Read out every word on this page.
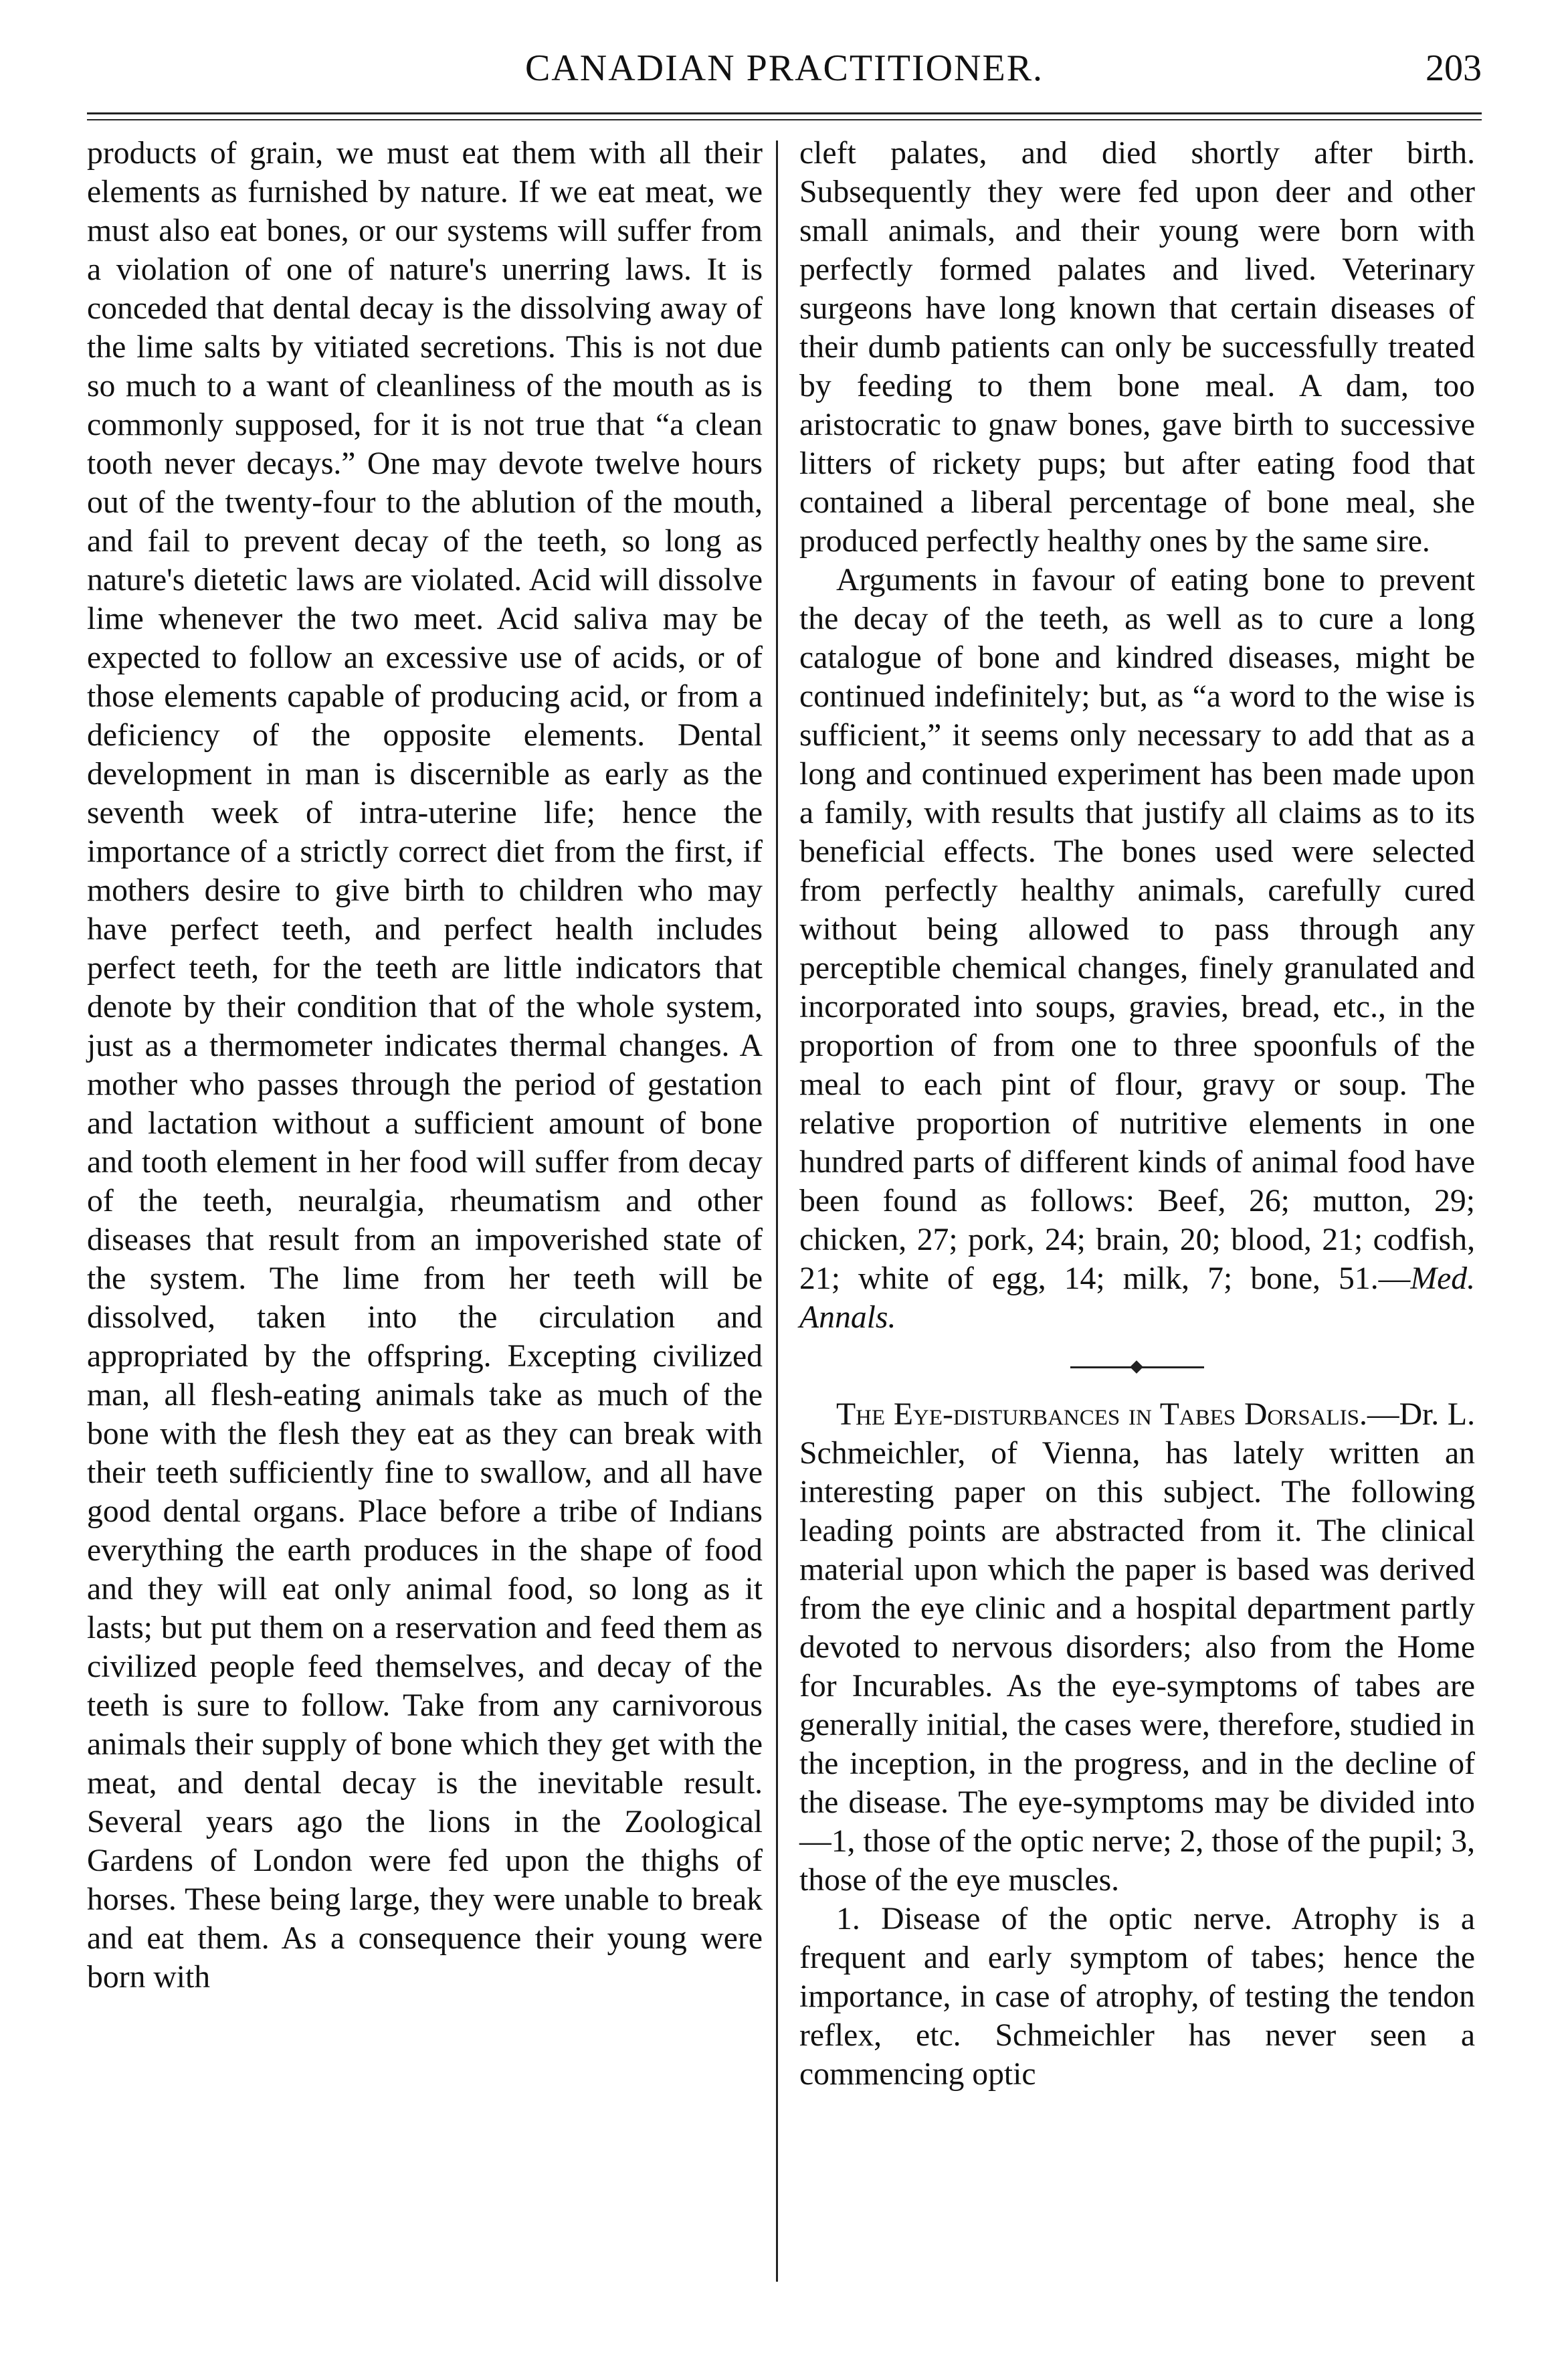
CANADIAN PRACTITIONER.	203

products of grain, we must eat them with all their elements as furnished by nature. If we eat meat, we must also eat bones, or our systems will suffer from a violation of one of nature's unerring laws. It is conceded that dental decay is the dissolving away of the lime salts by vitiated secretions. This is not due so much to a want of cleanliness of the mouth as is commonly supposed, for it is not true that “a clean tooth never decays.” One may devote twelve hours out of the twenty-four to the ablution of the mouth, and fail to prevent decay of the teeth, so long as nature's dietetic laws are violated. Acid will dissolve lime whenever the two meet. Acid saliva may be expected to follow an excessive use of acids, or of those elements capable of producing acid, or from a deficiency of the opposite elements. Dental development in man is discernible as early as the seventh week of intra-uterine life; hence the importance of a strictly correct diet from the first, if mothers desire to give birth to children who may have perfect teeth, and perfect health includes perfect teeth, for the teeth are little indicators that denote by their condition that of the whole system, just as a thermometer indicates thermal changes. A mother who passes through the period of gestation and lactation without a sufficient amount of bone and tooth element in her food will suffer from decay of the teeth, neuralgia, rheumatism and other diseases that result from an impoverished state of the system. The lime from her teeth will be dissolved, taken into the circulation and appropriated by the offspring. Excepting civilized man, all flesh-eating animals take as much of the bone with the flesh they eat as they can break with their teeth sufficiently fine to swallow, and all have good dental organs. Place before a tribe of Indians everything the earth produces in the shape of food and they will eat only animal food, so long as it lasts; but put them on a reservation and feed them as civilized people feed themselves, and decay of the teeth is sure to follow. Take from any carnivorous animals their supply of bone which they get with the meat, and dental decay is the inevitable result. Several years ago the lions in the Zoological Gardens of London were fed upon the thighs of horses. These being large, they were unable to break and eat them. As a consequence their young were born with

cleft palates, and died shortly after birth. Subsequently they were fed upon deer and other small animals, and their young were born with perfectly formed palates and lived. Veterinary surgeons have long known that certain diseases of their dumb patients can only be successfully treated by feeding to them bone meal. A dam, too aristocratic to gnaw bones, gave birth to successive litters of rickety pups; but after eating food that contained a liberal percentage of bone meal, she produced perfectly healthy ones by the same sire.

Arguments in favour of eating bone to prevent the decay of the teeth, as well as to cure a long catalogue of bone and kindred diseases, might be continued indefinitely; but, as “a word to the wise is sufficient,” it seems only necessary to add that as a long and continued experiment has been made upon a family, with results that justify all claims as to its beneficial effects. The bones used were selected from perfectly healthy animals, carefully cured without being allowed to pass through any perceptible chemical changes, finely granulated and incorporated into soups, gravies, bread, etc., in the proportion of from one to three spoonfuls of the meal to each pint of flour, gravy or soup. The relative proportion of nutritive elements in one hundred parts of different kinds of animal food have been found as follows: Beef, 26; mutton, 29; chicken, 27; pork, 24; brain, 20; blood, 21; codfish, 21; white of egg, 14; milk, 7; bone, 51.—Med. Annals.

The Eye-disturbances in Tabes Dorsalis.—Dr. L. Schmeichler, of Vienna, has lately written an interesting paper on this subject. The following leading points are abstracted from it. The clinical material upon which the paper is based was derived from the eye clinic and a hospital department partly devoted to nervous disorders; also from the Home for Incurables. As the eye-symptoms of tabes are generally initial, the cases were, therefore, studied in the inception, in the progress, and in the decline of the disease. The eye-symptoms may be divided into—1, those of the optic nerve; 2, those of the pupil; 3, those of the eye muscles.

1. Disease of the optic nerve. Atrophy is a frequent and early symptom of tabes; hence the importance, in case of atrophy, of testing the tendon reflex, etc. Schmeichler has never seen a commencing optic
